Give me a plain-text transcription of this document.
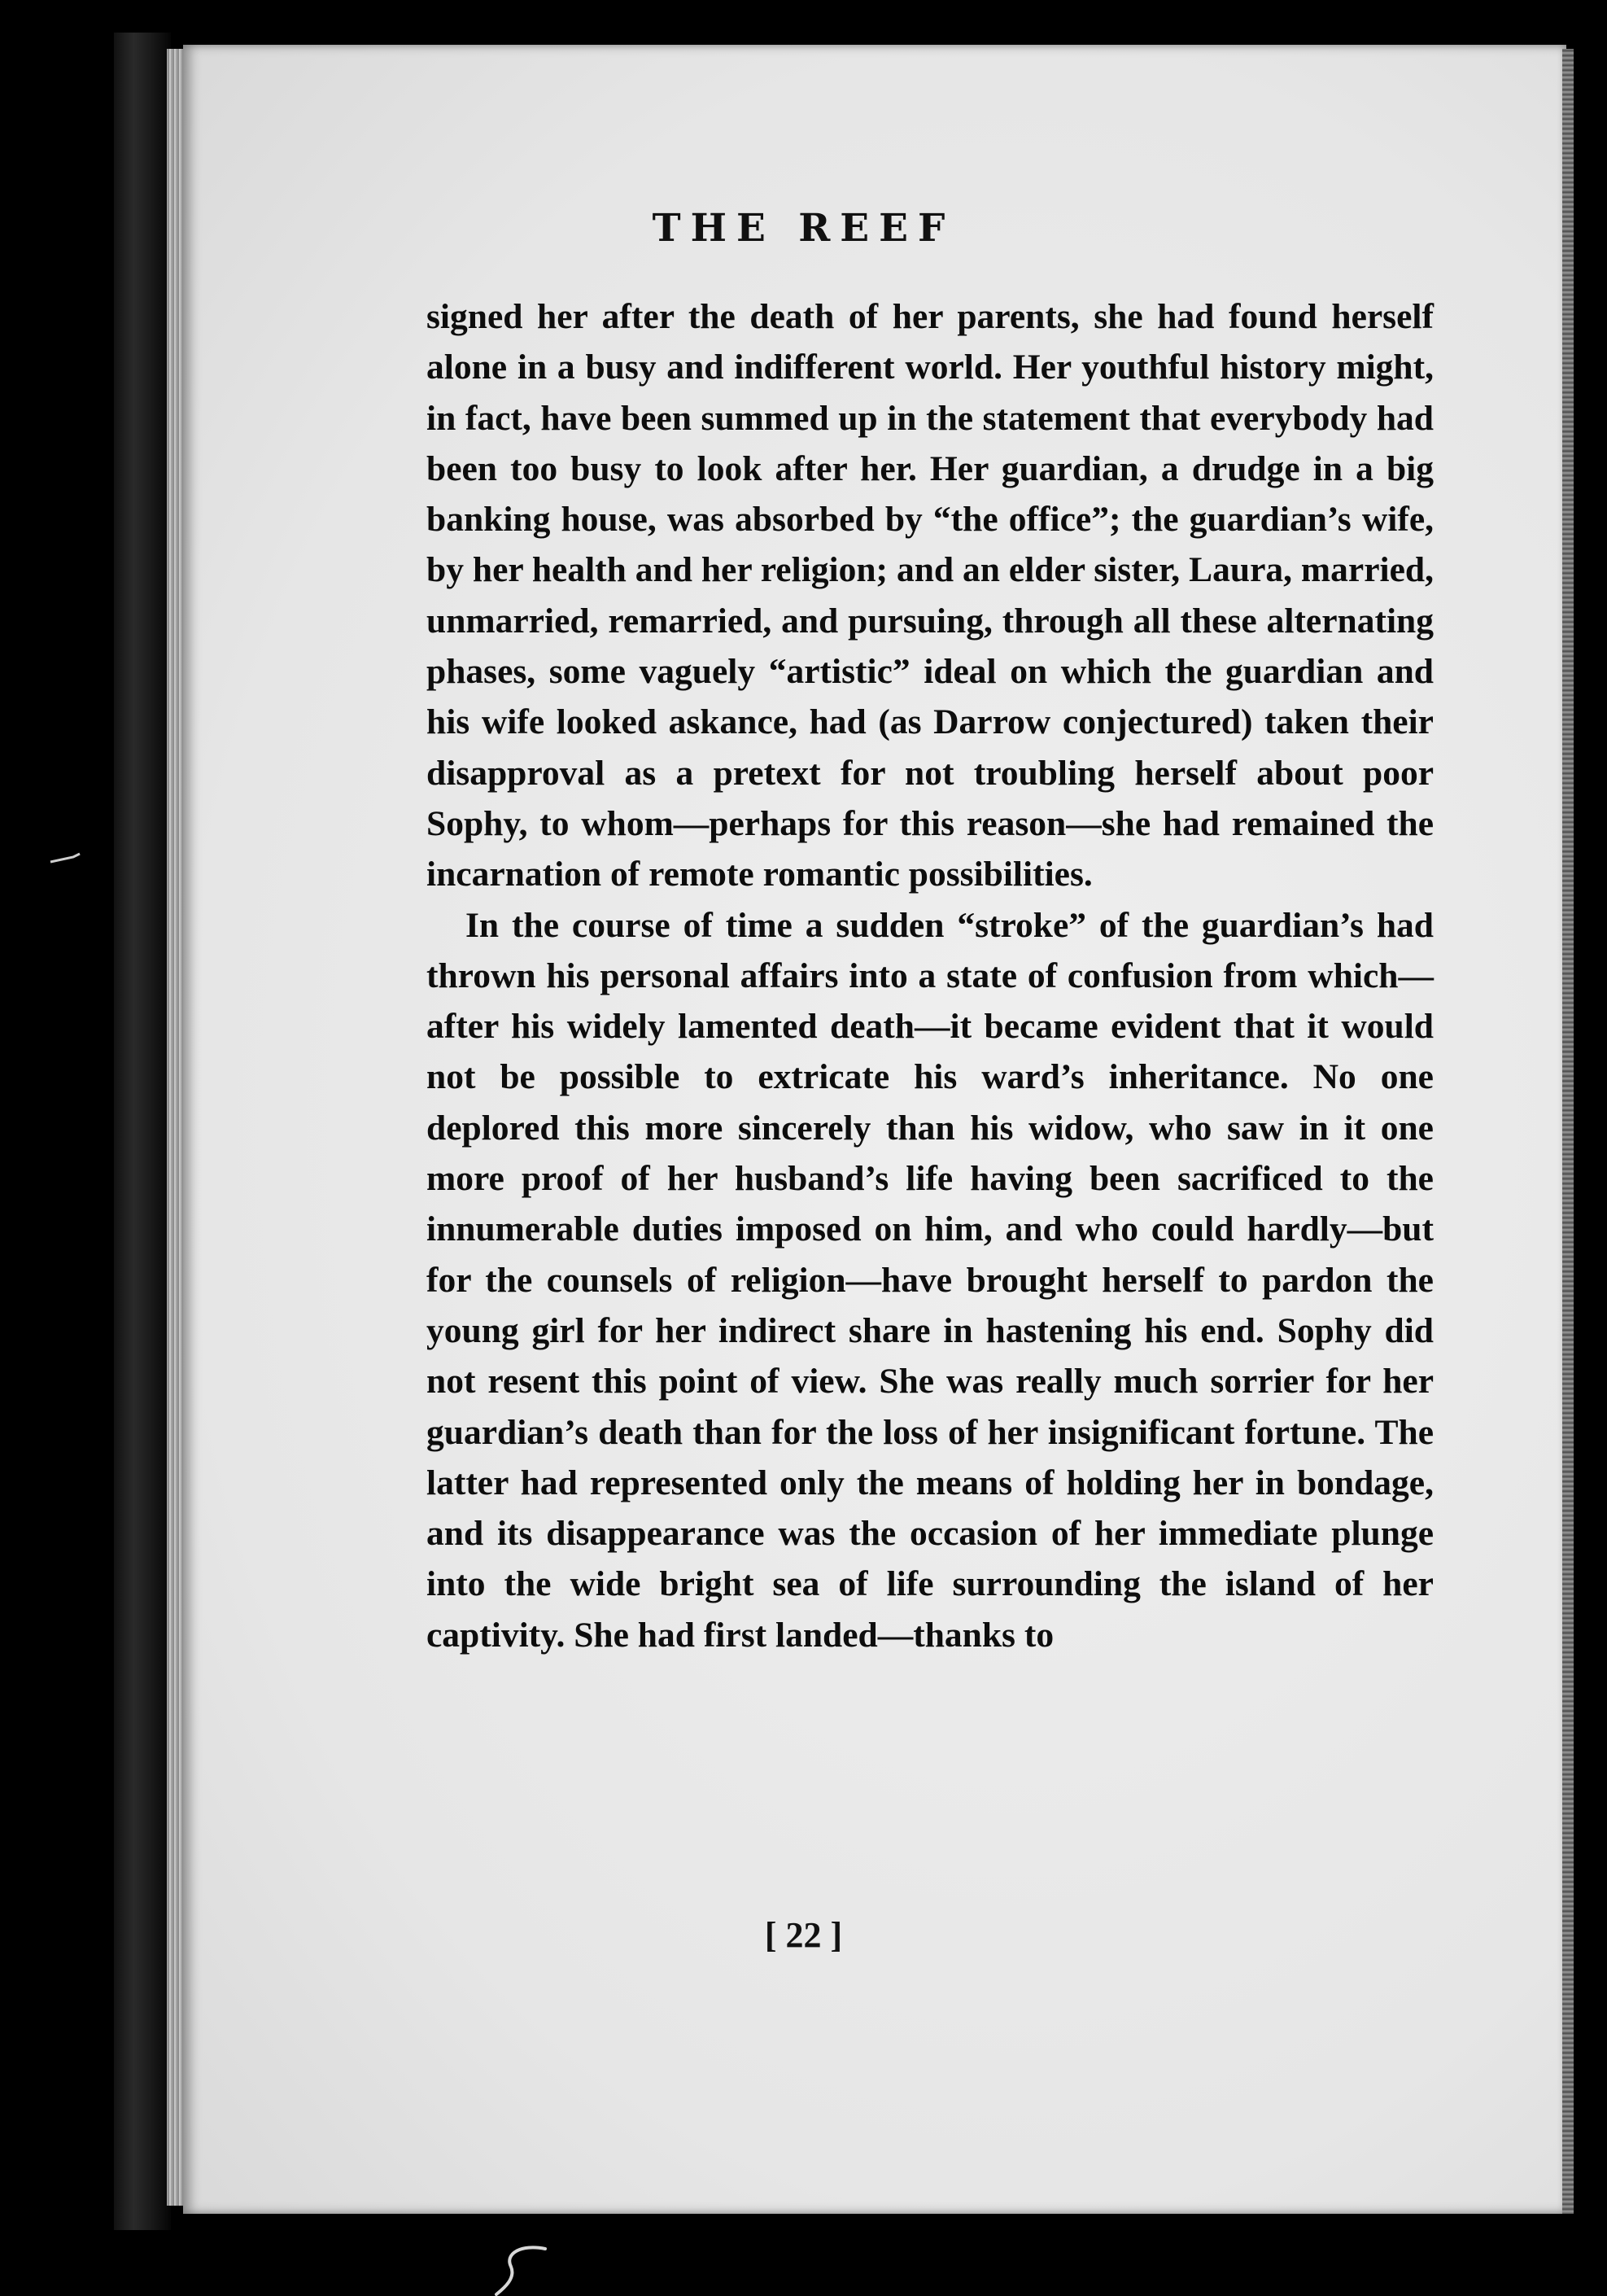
THE REEF

signed her after the death of her parents, she had found herself alone in a busy and indifferent world. Her youthful history might, in fact, have been summed up in the statement that everybody had been too busy to look after her. Her guardian, a drudge in a big banking house, was absorbed by “the office”; the guardian’s wife, by her health and her religion; and an elder sister, Laura, married, unmarried, remarried, and pursuing, through all these alternating phases, some vaguely “artistic” ideal on which the guardian and his wife looked askance, had (as Darrow conjectured) taken their disapproval as a pretext for not troubling herself about poor Sophy, to whom—perhaps for this reason—she had remained the incarnation of remote romantic possibilities.

In the course of time a sudden “stroke” of the guardian’s had thrown his personal affairs into a state of confusion from which—after his widely lamented death—it became evident that it would not be possible to extricate his ward’s inheritance. No one deplored this more sincerely than his widow, who saw in it one more proof of her husband’s life having been sacrificed to the innumerable duties imposed on him, and who could hardly—but for the counsels of religion—have brought herself to pardon the young girl for her indirect share in hastening his end. Sophy did not resent this point of view. She was really much sorrier for her guardian’s death than for the loss of her insignificant fortune. The latter had represented only the means of holding her in bondage, and its disappearance was the occasion of her immediate plunge into the wide bright sea of life surrounding the island of her captivity. She had first landed—thanks to

[ 22 ]
